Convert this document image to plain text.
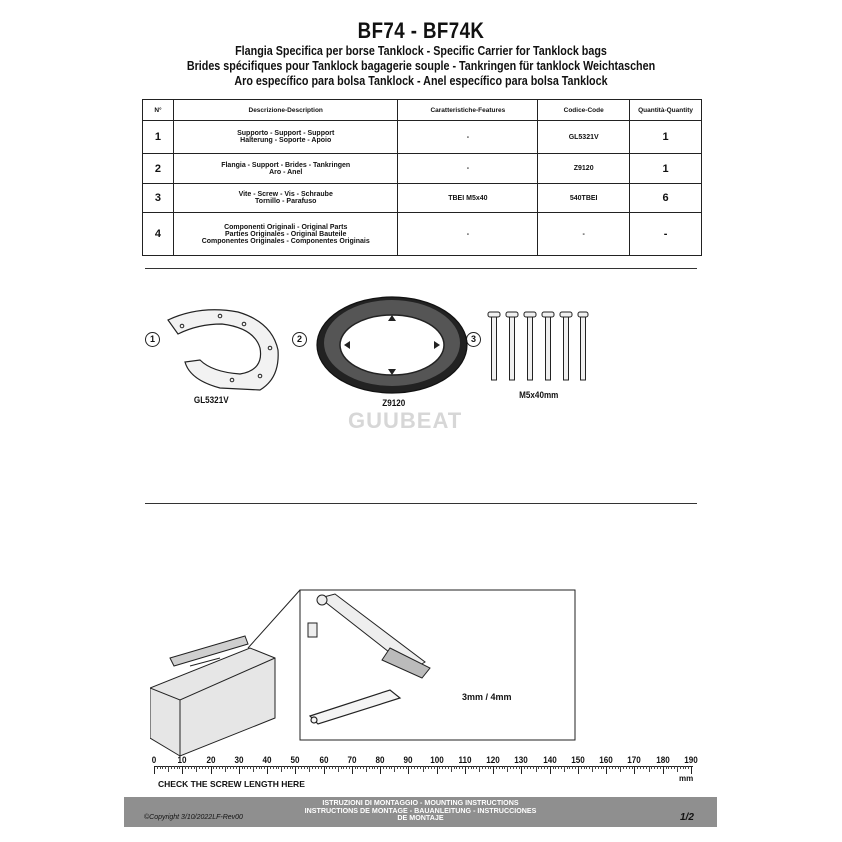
BF74 - BF74K
Flangia Specifica per borse Tanklock - Specific Carrier for Tanklock bags
Brides spécifiques pour Tanklock bagagerie souple - Tankringen für tanklock Weichtaschen
Aro específico para bolsa Tanklock - Anel específico para bolsa Tanklock
N°	Descrizione-Description	Caratteristiche-Features	Codice-Code	Quantità-Quantity
1	Supporto - Support - Support
Halterung - Soporte - Apoio	-	GL5321V	1
2	Flangia - Support - Brides - Tankringen
Aro - Anel	-	Z9120	1
3	Vite - Screw - Vis - Schraube
Tornillo - Parafuso	TBEI M5x40	540TBEI	6
4	Componenti Originali - Original Parts
Parties Originales - Original Bauteile
Componentes Originales - Componentes Originais	-	-	-
1	2	3
GL5321V	Z9120
M5x40mm
GUUBEAT
3mm / 4mm
0 10 20 30 40 50 60 70 80 90 100 110 120 130 140 150 160 170 180 190
mm
CHECK THE SCREW LENGTH HERE
ISTRUZIONI DI MONTAGGIO - MOUNTING INSTRUCTIONS
INSTRUCTIONS DE MONTAGE - BAUANLEITUNG - INSTRUCCIONES
DE MONTAJE
©Copyright 3/10/2022LF-Rev00	1/2
